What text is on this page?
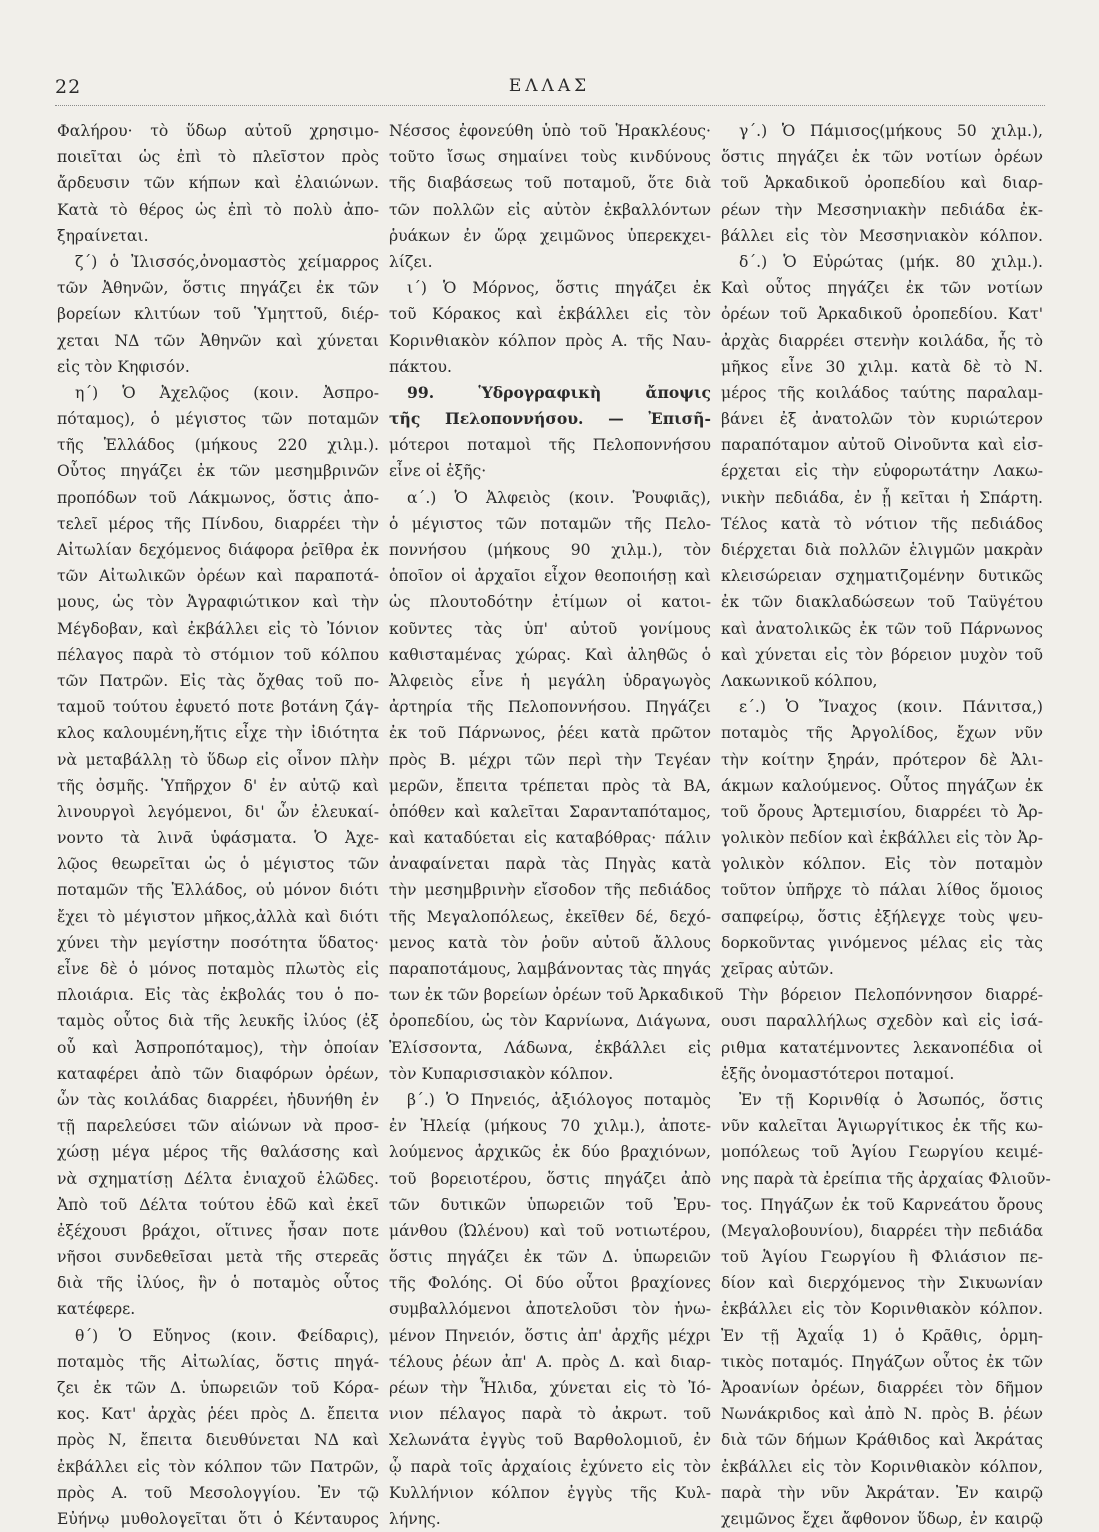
22	ΕΛΛΑΣ
Φαλήρου· τὸ ὕδωρ αὐτοῦ χρησιμο-
ποιεῖται ὡς ἐπὶ τὸ πλεῖστον πρὸς
ἄρδευσιν τῶν κήπων καὶ ἐλαιώνων.
Κατὰ τὸ θέρος ὡς ἐπὶ τὸ πολὺ ἀπο-
ξηραίνεται.
ζ´) ὁ Ἰλισσός,ὀνομαστὸς χείμαρρος
τῶν Ἀθηνῶν, ὅστις πηγάζει ἐκ τῶν
βορείων κλιτύων τοῦ Ὑμηττοῦ, διέρ-
χεται ΝΔ τῶν Ἀθηνῶν καὶ χύνεται
εἰς τὸν Κηφισόν.
η´) Ὁ Ἀχελῷος (κοιν. Ἀσπρο-
πόταμος), ὁ μέγιστος τῶν ποταμῶν
τῆς Ἑλλάδος (μήκους 220 χιλμ.).
Οὗτος πηγάζει ἐκ τῶν μεσημβρινῶν
προπόδων τοῦ Λάκμωνος, ὅστις ἀπο-
τελεῖ μέρος τῆς Πίνδου, διαρρέει τὴν
Αἰτωλίαν δεχόμενος διάφορα ῥεῖθρα ἐκ
τῶν Αἰτωλικῶν ὀρέων καὶ παραποτά-
μους, ὡς τὸν Ἀγραφιώτικον καὶ τὴν
Μέγδοβαν, καὶ ἐκβάλλει εἰς τὸ Ἰόνιον
πέλαγος παρὰ τὸ στόμιον τοῦ κόλπου
τῶν Πατρῶν. Εἰς τὰς ὄχθας τοῦ πο-
ταμοῦ τούτου ἐφυετό ποτε βοτάνη ζάγ-
κλος καλουμένη,ἥτις εἶχε τὴν ἰδιότητα
νὰ μεταβάλλῃ τὸ ὕδωρ εἰς οἶνον πλὴν
τῆς ὀσμῆς. Ὑπῆρχον δ' ἐν αὐτῷ καὶ
λινουργοὶ λεγόμενοι, δι' ὧν ἐλευκαί-
νοντο τὰ λινᾶ ὑφάσματα. Ὁ Ἀχε-
λῷος θεωρεῖται ὡς ὁ μέγιστος τῶν
ποταμῶν τῆς Ἑλλάδος, οὐ μόνον διότι
ἔχει τὸ μέγιστον μῆκος,ἀλλὰ καὶ διότι
χύνει τὴν μεγίστην ποσότητα ὕδατος·
εἶνε δὲ ὁ μόνος ποταμὸς πλωτὸς εἰς
πλοιάρια. Εἰς τὰς ἐκβολάς του ὁ πο-
ταμὸς οὗτος διὰ τῆς λευκῆς ἰλύος (ἐξ
οὗ καὶ Ἀσπροπόταμος), τὴν ὁποίαν
καταφέρει ἀπὸ τῶν διαφόρων ὀρέων,
ὧν τὰς κοιλάδας διαρρέει, ἠδυνήθη ἐν
τῇ παρελεύσει τῶν αἰώνων νὰ προσ-
χώσῃ μέγα μέρος τῆς θαλάσσης καὶ
νὰ σχηματίσῃ Δέλτα ἐνιαχοῦ ἑλῶδες.
Ἀπὸ τοῦ Δέλτα τούτου ἐδῶ καὶ ἐκεῖ
ἐξέχουσι βράχοι, οἵτινες ἦσαν ποτε
νῆσοι συνδεθεῖσαι μετὰ τῆς στερεᾶς
διὰ τῆς ἰλύος, ἣν ὁ ποταμὸς οὗτος
κατέφερε.
θ´) Ὁ Εὔηνος (κοιν. Φείδαρις),
ποταμὸς τῆς Αἰτωλίας, ὅστις πηγά-
ζει ἐκ τῶν Δ. ὑπωρειῶν τοῦ Κόρα-
κος. Κατ' ἀρχὰς ῥέει πρὸς Δ. ἔπειτα
πρὸς Ν, ἔπειτα διευθύνεται ΝΔ καὶ
ἐκβάλλει εἰς τὸν κόλπον τῶν Πατρῶν,
πρὸς Α. τοῦ Μεσολογγίου. Ἐν τῷ
Εὐήνῳ μυθολογεῖται ὅτι ὁ Κένταυρος
Νέσσος ἐφονεύθη ὑπὸ τοῦ Ἡρακλέους·
τοῦτο ἴσως σημαίνει τοὺς κινδύνους
τῆς διαβάσεως τοῦ ποταμοῦ, ὅτε διὰ
τῶν πολλῶν εἰς αὐτὸν ἐκβαλλόντων
ῥυάκων ἐν ὥρᾳ χειμῶνος ὑπερεκχει-
λίζει.
ι´) Ὁ Μόρνος, ὅστις πηγάζει ἐκ
τοῦ Κόρακος καὶ ἐκβάλλει εἰς τὸν
Κορινθιακὸν κόλπον πρὸς Α. τῆς Ναυ-
πάκτου.
99. Ὑδρογραφικὴ ἄποψις
τῆς Πελοποννήσου. — Ἐπισῆ-
μότεροι ποταμοὶ τῆς Πελοποννήσου
εἶνε οἱ ἑξῆς·
α´.) Ὁ Ἀλφειὸς (κοιν. Ῥουφιᾶς),
ὁ μέγιστος τῶν ποταμῶν τῆς Πελο-
ποννήσου (μήκους 90 χιλμ.), τὸν
ὁποῖον οἱ ἀρχαῖοι εἶχον θεοποιήσῃ καὶ
ὡς πλουτοδότην ἐτίμων οἱ κατοι-
κοῦντες τὰς ὑπ' αὐτοῦ γονίμους
καθισταμένας χώρας. Καὶ ἀληθῶς ὁ
Ἀλφειὸς εἶνε ἡ μεγάλη ὑδραγωγὸς
ἀρτηρία τῆς Πελοποννήσου. Πηγάζει
ἐκ τοῦ Πάρνωνος, ῥέει κατὰ πρῶτον
πρὸς Β. μέχρι τῶν περὶ τὴν Τεγέαν
μερῶν, ἔπειτα τρέπεται πρὸς τὰ ΒΑ,
ὁπόθεν καὶ καλεῖται Σαρανταπόταμος,
καὶ καταδύεται εἰς καταβόθρας· πάλιν
ἀναφαίνεται παρὰ τὰς Πηγὰς κατὰ
τὴν μεσημβρινὴν εἴσοδον τῆς πεδιάδος
τῆς Μεγαλοπόλεως, ἐκεῖθεν δέ, δεχό-
μενος κατὰ τὸν ῥοῦν αὐτοῦ ἄλλους
παραποτάμους, λαμβάνοντας τὰς πηγάς
των ἐκ τῶν βορείων ὀρέων τοῦ Ἀρκαδικοῦ
ὀροπεδίου, ὡς τὸν Καρνίωνα, Διάγωνα,
Ἐλίσσοντα, Λάδωνα, ἐκβάλλει εἰς
τὸν Κυπαρισσιακὸν κόλπον.
β´.) Ὁ Πηνειός, ἀξιόλογος ποταμὸς
ἐν Ἠλείᾳ (μήκους 70 χιλμ.), ἀποτε-
λούμενος ἀρχικῶς ἐκ δύο βραχιόνων,
τοῦ βορειοτέρου, ὅστις πηγάζει ἀπὸ
τῶν δυτικῶν ὑπωρειῶν τοῦ Ἐρυ-
μάνθου (Ὠλένου) καὶ τοῦ νοτιωτέρου,
ὅστις πηγάζει ἐκ τῶν Δ. ὑπωρειῶν
τῆς Φολόης. Οἱ δύο οὗτοι βραχίονες
συμβαλλόμενοι ἀποτελοῦσι τὸν ἡνω-
μένον Πηνειόν, ὅστις ἀπ' ἀρχῆς μέχρι
τέλους ῥέων ἀπ' Α. πρὸς Δ. καὶ διαρ-
ρέων τὴν Ἦλιδα, χύνεται εἰς τὸ Ἰό-
νιον πέλαγος παρὰ τὸ ἀκρωτ. τοῦ
Χελωνάτα ἐγγὺς τοῦ Βαρθολομιοῦ, ἐν
ᾧ παρὰ τοῖς ἀρχαίοις ἐχύνετο εἰς τὸν
Κυλλήνιον κόλπον ἐγγὺς τῆς Κυλ-
λήνης.
γ´.) Ὁ Πάμισος(μήκους 50 χιλμ.),
ὅστις πηγάζει ἐκ τῶν νοτίων ὀρέων
τοῦ Ἀρκαδικοῦ ὀροπεδίου καὶ διαρ-
ρέων τὴν Μεσσηνιακὴν πεδιάδα ἐκ-
βάλλει εἰς τὸν Μεσσηνιακὸν κόλπον.
δ´.) Ὁ Εὐρώτας (μήκ. 80 χιλμ.).
Καὶ οὗτος πηγάζει ἐκ τῶν νοτίων
ὀρέων τοῦ Ἀρκαδικοῦ ὀροπεδίου. Κατ'
ἀρχὰς διαρρέει στενὴν κοιλάδα, ἧς τὸ
μῆκος εἶνε 30 χιλμ. κατὰ δὲ τὸ Ν.
μέρος τῆς κοιλάδος ταύτης παραλαμ-
βάνει ἐξ ἀνατολῶν τὸν κυριώτερον
παραπόταμον αὐτοῦ Οἰνοῦντα καὶ εἰσ-
έρχεται εἰς τὴν εὐφορωτάτην Λακω-
νικὴν πεδιάδα, ἐν ᾗ κεῖται ἡ Σπάρτη.
Τέλος κατὰ τὸ νότιον τῆς πεδιάδος
διέρχεται διὰ πολλῶν ἑλιγμῶν μακρὰν
κλεισώρειαν σχηματιζομένην δυτικῶς
ἐκ τῶν διακλαδώσεων τοῦ Ταϋγέτου
καὶ ἀνατολικῶς ἐκ τῶν τοῦ Πάρνωνος
καὶ χύνεται εἰς τὸν βόρειον μυχὸν τοῦ
Λακωνικοῦ κόλπου,
ε´.) Ὁ Ἴναχος (κοιν. Πάνιτσα,)
ποταμὸς τῆς Ἀργολίδος, ἔχων νῦν
τὴν κοίτην ξηράν, πρότερον δὲ Ἀλι-
άκμων καλούμενος. Οὗτος πηγάζων ἐκ
τοῦ ὄρους Ἀρτεμισίου, διαρρέει τὸ Ἀρ-
γολικὸν πεδίον καὶ ἐκβάλλει εἰς τὸν Ἀρ-
γολικὸν κόλπον. Εἰς τὸν ποταμὸν
τοῦτον ὑπῆρχε τὸ πάλαι λίθος ὅμοιος
σαπφείρῳ, ὅστις ἐξήλεγχε τοὺς ψευ-
δορκοῦντας γινόμενος μέλας εἰς τὰς
χεῖρας αὐτῶν.
Τὴν βόρειον Πελοπόννησον διαρρέ-
ουσι παραλλήλως σχεδὸν καὶ εἰς ἰσά-
ριθμα κατατέμνοντες λεκανοπέδια οἱ
ἑξῆς ὀνομαστότεροι ποταμοί.
Ἐν τῇ Κορινθίᾳ ὁ Ἀσωπός, ὅστις
νῦν καλεῖται Ἁγιωργίτικος ἐκ τῆς κω-
μοπόλεως τοῦ Ἁγίου Γεωργίου κειμέ-
νης παρὰ τὰ ἐρείπια τῆς ἀρχαίας Φλιοῦν-
τος. Πηγάζων ἐκ τοῦ Καρνεάτου ὄρους
(Μεγαλοβουνίου), διαρρέει τὴν πεδιάδα
τοῦ Ἁγίου Γεωργίου ἢ Φλιάσιον πε-
δίον καὶ διερχόμενος τὴν Σικυωνίαν
ἐκβάλλει εἰς τὸν Κορινθιακὸν κόλπον.
Ἐν τῇ Ἀχαΐᾳ 1) ὁ Κρᾶθις, ὁρμη-
τικὸς ποταμός. Πηγάζων οὗτος ἐκ τῶν
Ἀροανίων ὀρέων, διαρρέει τὸν δῆμον
Νωνάκριδος καὶ ἀπὸ Ν. πρὸς Β. ῥέων
διὰ τῶν δήμων Κράθιδος καὶ Ἀκράτας
ἐκβάλλει εἰς τὸν Κορινθιακὸν κόλπον,
παρὰ τὴν νῦν Ἀκράταν. Ἐν καιρῷ
χειμῶνος ἔχει ἄφθονον ὕδωρ, ἐν καιρῷ
